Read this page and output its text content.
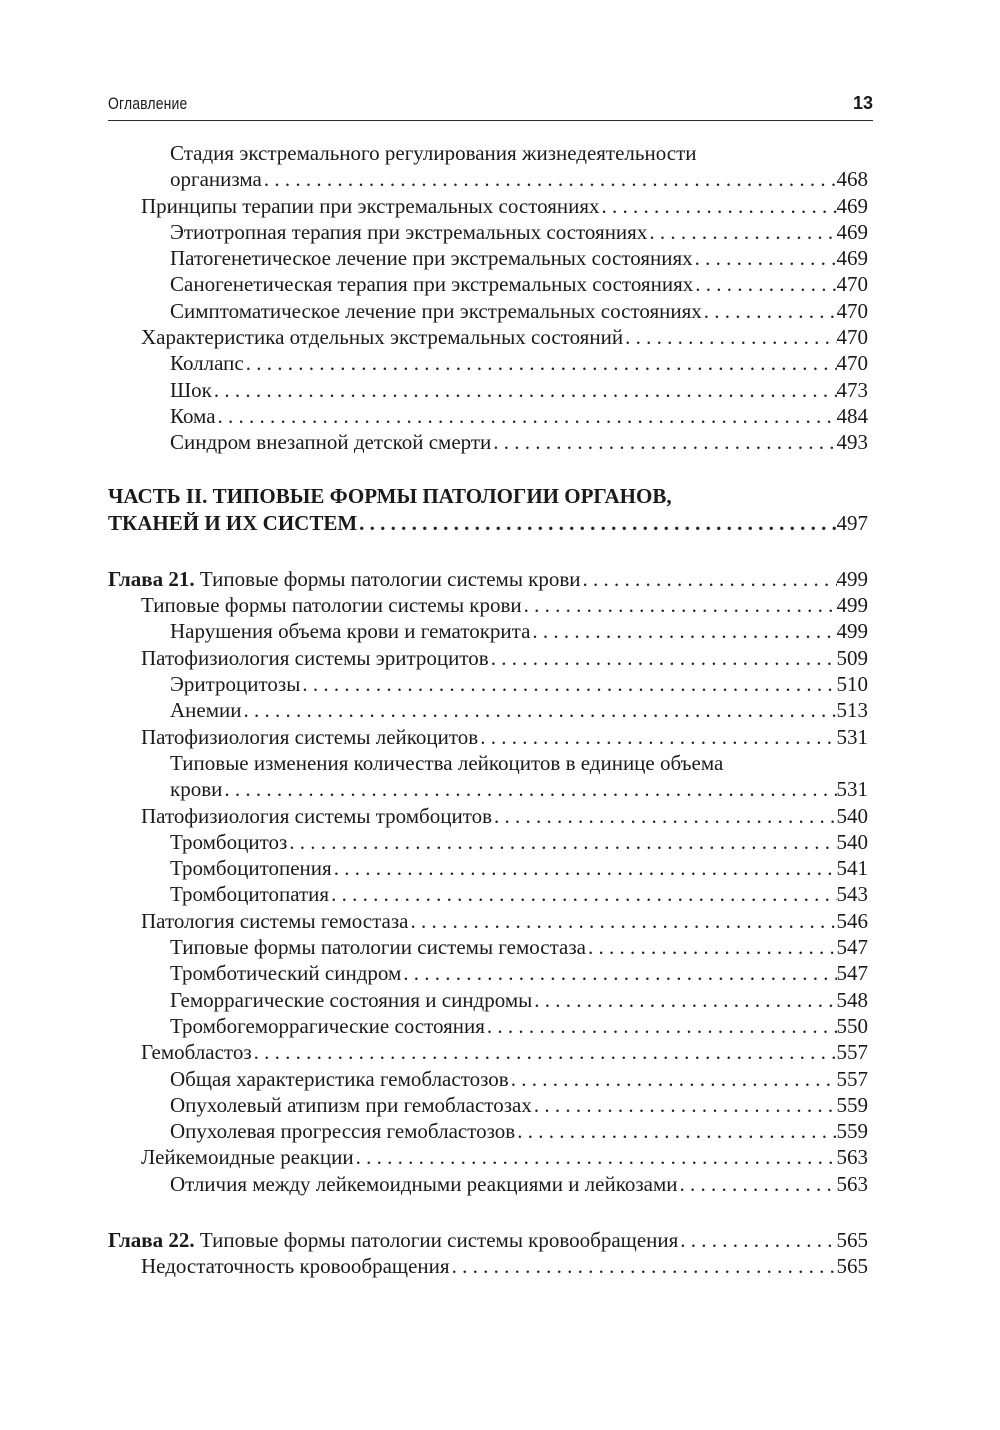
Оглавление	13
Стадия экстремального регулирования жизнедеятельности
организма . . .	468
Принципы терапии при экстремальных состояниях . . .	469
Этиотропная терапия при экстремальных состояниях . . .	469
Патогенетическое лечение при экстремальных состояниях . . .	469
Саногенетическая терапия при экстремальных состояниях . . .	470
Симптоматическое лечение при экстремальных состояниях . . .	470
Характеристика отдельных экстремальных состояний . . .	470
Коллапс . . .	470
Шок . . .	473
Кома . . .	484
Синдром внезапной детской смерти . . .	493
ЧАСТЬ II. ТИПОВЫЕ ФОРМЫ ПАТОЛОГИИ ОРГАНОВ,
ТКАНЕЙ И ИХ СИСТЕМ . . .	497
Глава 21. Типовые формы патологии системы крови . . .	499
Типовые формы патологии системы крови . . .	499
Нарушения объема крови и гематокрита . . .	499
Патофизиология системы эритроцитов . . .	509
Эритроцитозы . . .	510
Анемии . . .	513
Патофизиология системы лейкоцитов . . .	531
Типовые изменения количества лейкоцитов в единице объема
крови . . .	531
Патофизиология системы тромбоцитов . . .	540
Тромбоцитоз . . .	540
Тромбоцитопения . . .	541
Тромбоцитопатия . . .	543
Патология системы гемостаза . . .	546
Типовые формы патологии системы гемостаза . . .	547
Тромботический синдром . . .	547
Геморрагические состояния и синдромы . . .	548
Тромбогеморрагические состояния . . .	550
Гемобластоз . . .	557
Общая характеристика гемобластозов . . .	557
Опухолевый атипизм при гемобластозах . . .	559
Опухолевая прогрессия гемобластозов . . .	559
Лейкемоидные реакции . . .	563
Отличия между лейкемоидными реакциями и лейкозами . . .	563
Глава 22. Типовые формы патологии системы кровообращения . . .	565
Недостаточность кровообращения . . .	565
